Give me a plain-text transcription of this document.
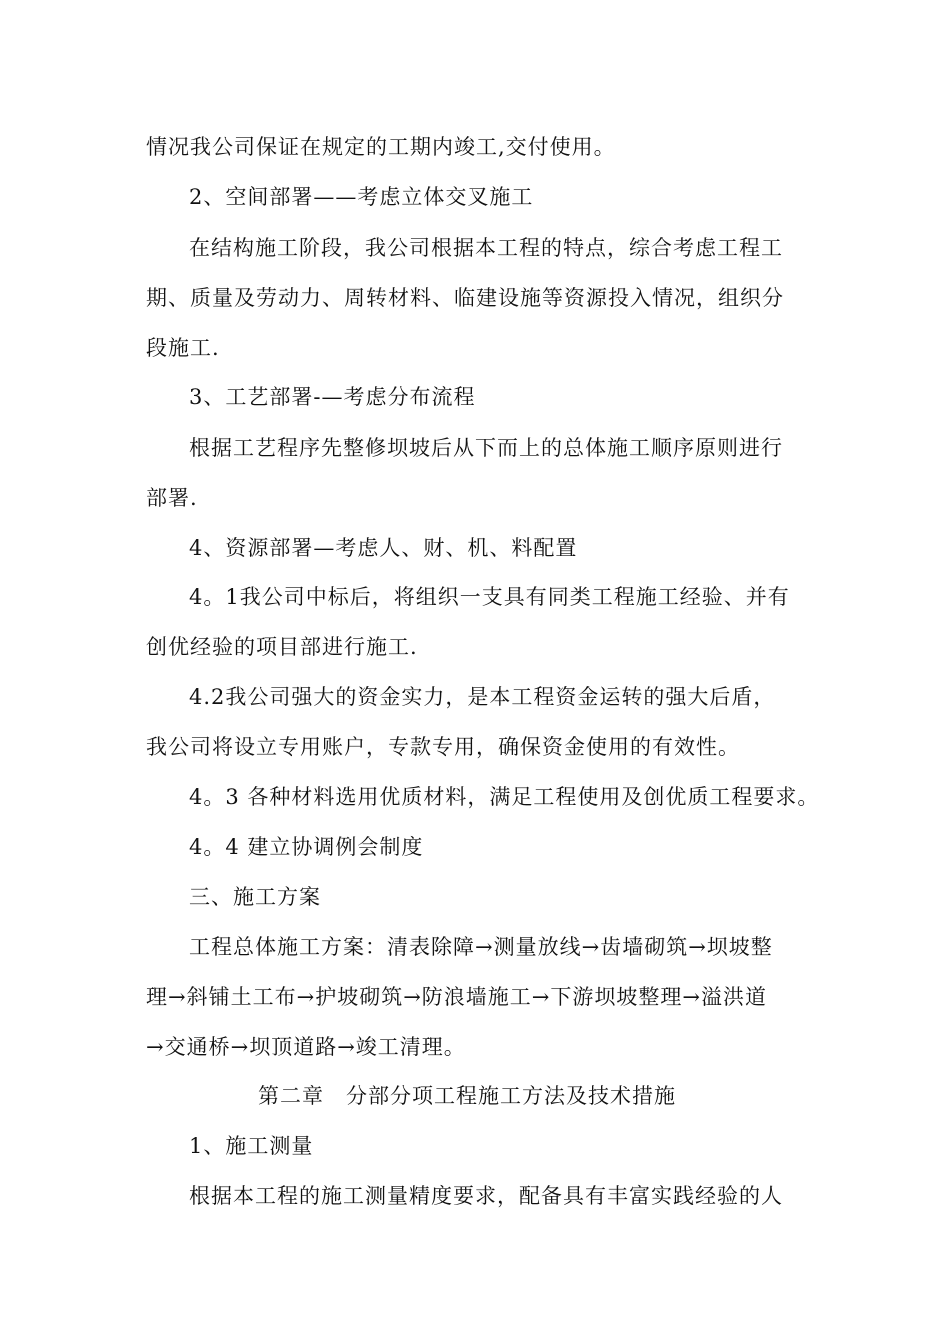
情况我公司保证在规定的工期内竣工,交付使用。
2、空间部署——考虑立体交叉施工
在结构施工阶段，我公司根据本工程的特点，综合考虑工程工
期、质量及劳动力、周转材料、临建设施等资源投入情况，组织分
段施工.
3、工艺部署-—考虑分布流程
根据工艺程序先整修坝坡后从下而上的总体施工顺序原则进行
部署.
4、资源部署—考虑人、财、机、料配置
4。1我公司中标后，将组织一支具有同类工程施工经验、并有
创优经验的项目部进行施工.
4.2我公司强大的资金实力，是本工程资金运转的强大后盾，
我公司将设立专用账户，专款专用，确保资金使用的有效性。
4。3 各种材料选用优质材料，满足工程使用及创优质工程要求。
4。4 建立协调例会制度
三、施工方案
工程总体施工方案：清表除障→测量放线→齿墙砌筑→坝坡整
理→斜铺土工布→护坡砌筑→防浪墙施工→下游坝坡整理→溢洪道
→交通桥→坝顶道路→竣工清理。
第二章　分部分项工程施工方法及技术措施
1、施工测量
根据本工程的施工测量精度要求，配备具有丰富实践经验的人
